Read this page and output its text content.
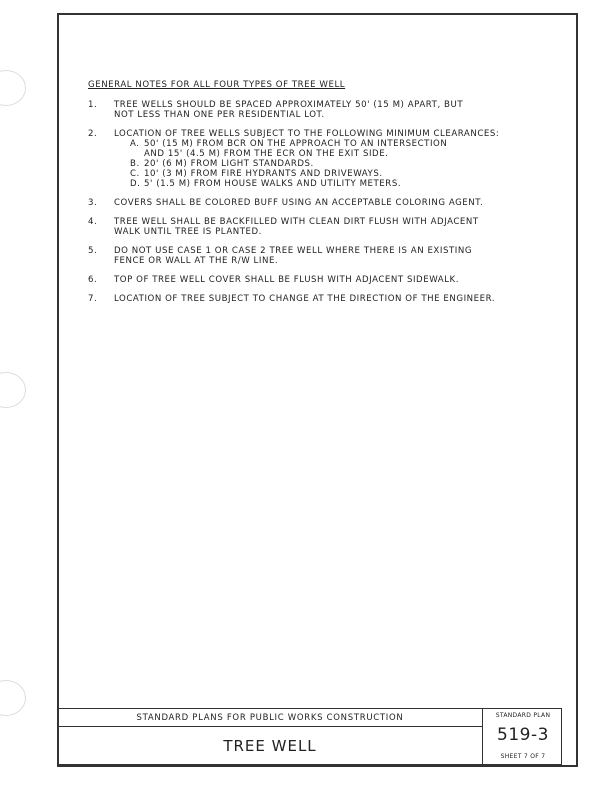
GENERAL NOTES FOR ALL FOUR TYPES OF TREE WELL
1.	TREE WELLS SHOULD BE SPACED APPROXIMATELY 50' (15 M) APART, BUT
NOT LESS THAN ONE PER RESIDENTIAL LOT.
2.	LOCATION OF TREE WELLS SUBJECT TO THE FOLLOWING MINIMUM CLEARANCES:
A. 50' (15 M) FROM BCR ON THE APPROACH TO AN INTERSECTION
AND 15' (4.5 M) FROM THE ECR ON THE EXIT SIDE.
B. 20' (6 M) FROM LIGHT STANDARDS.
C. 10' (3 M) FROM FIRE HYDRANTS AND DRIVEWAYS.
D. 5' (1.5 M) FROM HOUSE WALKS AND UTILITY METERS.
3.	COVERS SHALL BE COLORED BUFF USING AN ACCEPTABLE COLORING AGENT.
4.	TREE WELL SHALL BE BACKFILLED WITH CLEAN DIRT FLUSH WITH ADJACENT
WALK UNTIL TREE IS PLANTED.
5.	DO NOT USE CASE 1 OR CASE 2 TREE WELL WHERE THERE IS AN EXISTING
FENCE OR WALL AT THE R/W LINE.
6.	TOP OF TREE WELL COVER SHALL BE FLUSH WITH ADJACENT SIDEWALK.
7.	LOCATION OF TREE SUBJECT TO CHANGE AT THE DIRECTION OF THE ENGINEER.
STANDARD PLANS FOR PUBLIC WORKS CONSTRUCTION
TREE WELL
STANDARD PLAN
519-3
SHEET 7 OF 7
